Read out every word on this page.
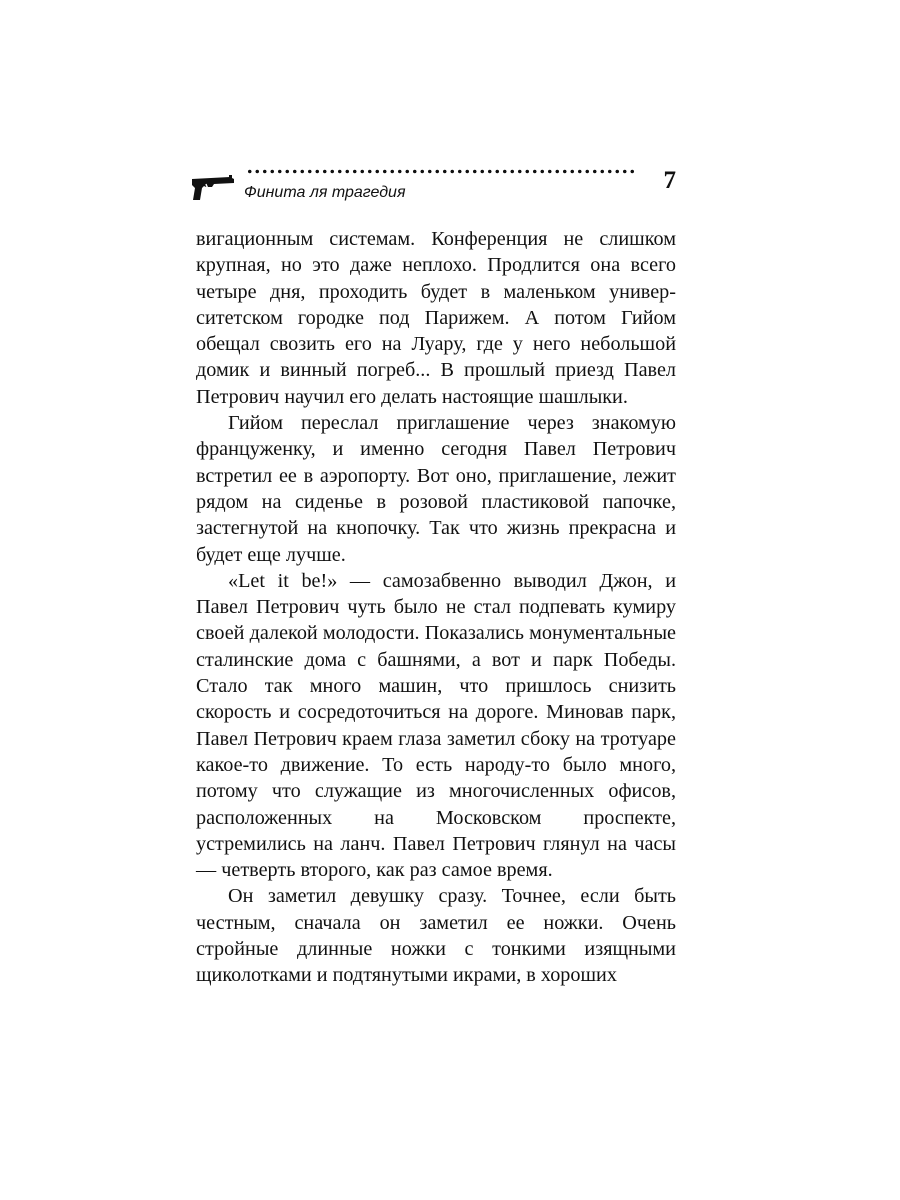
Финита ля трагедия	7

вигационным системам. Конференция не слишком крупная, но это даже неплохо. Продлится она всего четыре дня, проходить будет в маленьком университетском городке под Парижем. А потом Гийом обещал свозить его на Луару, где у него небольшой домик и винный погреб... В прошлый приезд Павел Петрович научил его делать настоящие шашлыки.

Гийом переслал приглашение через знакомую француженку, и именно сегодня Павел Петрович встретил ее в аэропорту. Вот оно, приглашение, лежит рядом на сиденье в розовой пластиковой папочке, застегнутой на кнопочку. Так что жизнь прекрасна и будет еще лучше.

«Let it be!» — самозабвенно выводил Джон, и Павел Петрович чуть было не стал подпевать кумиру своей далекой молодости. Показались монументальные сталинские дома с башнями, а вот и парк Победы. Стало так много машин, что пришлось снизить скорость и сосредоточиться на дороге. Миновав парк, Павел Петрович краем глаза заметил сбоку на тротуаре какое-то движение. То есть народу-то было много, потому что служащие из многочисленных офисов, расположенных на Московском проспекте, устремились на ланч. Павел Петрович глянул на часы — четверть второго, как раз самое время.

Он заметил девушку сразу. Точнее, если быть честным, сначала он заметил ее ножки. Очень стройные длинные ножки с тонкими изящными щиколотками и подтянутыми икрами, в хороших
